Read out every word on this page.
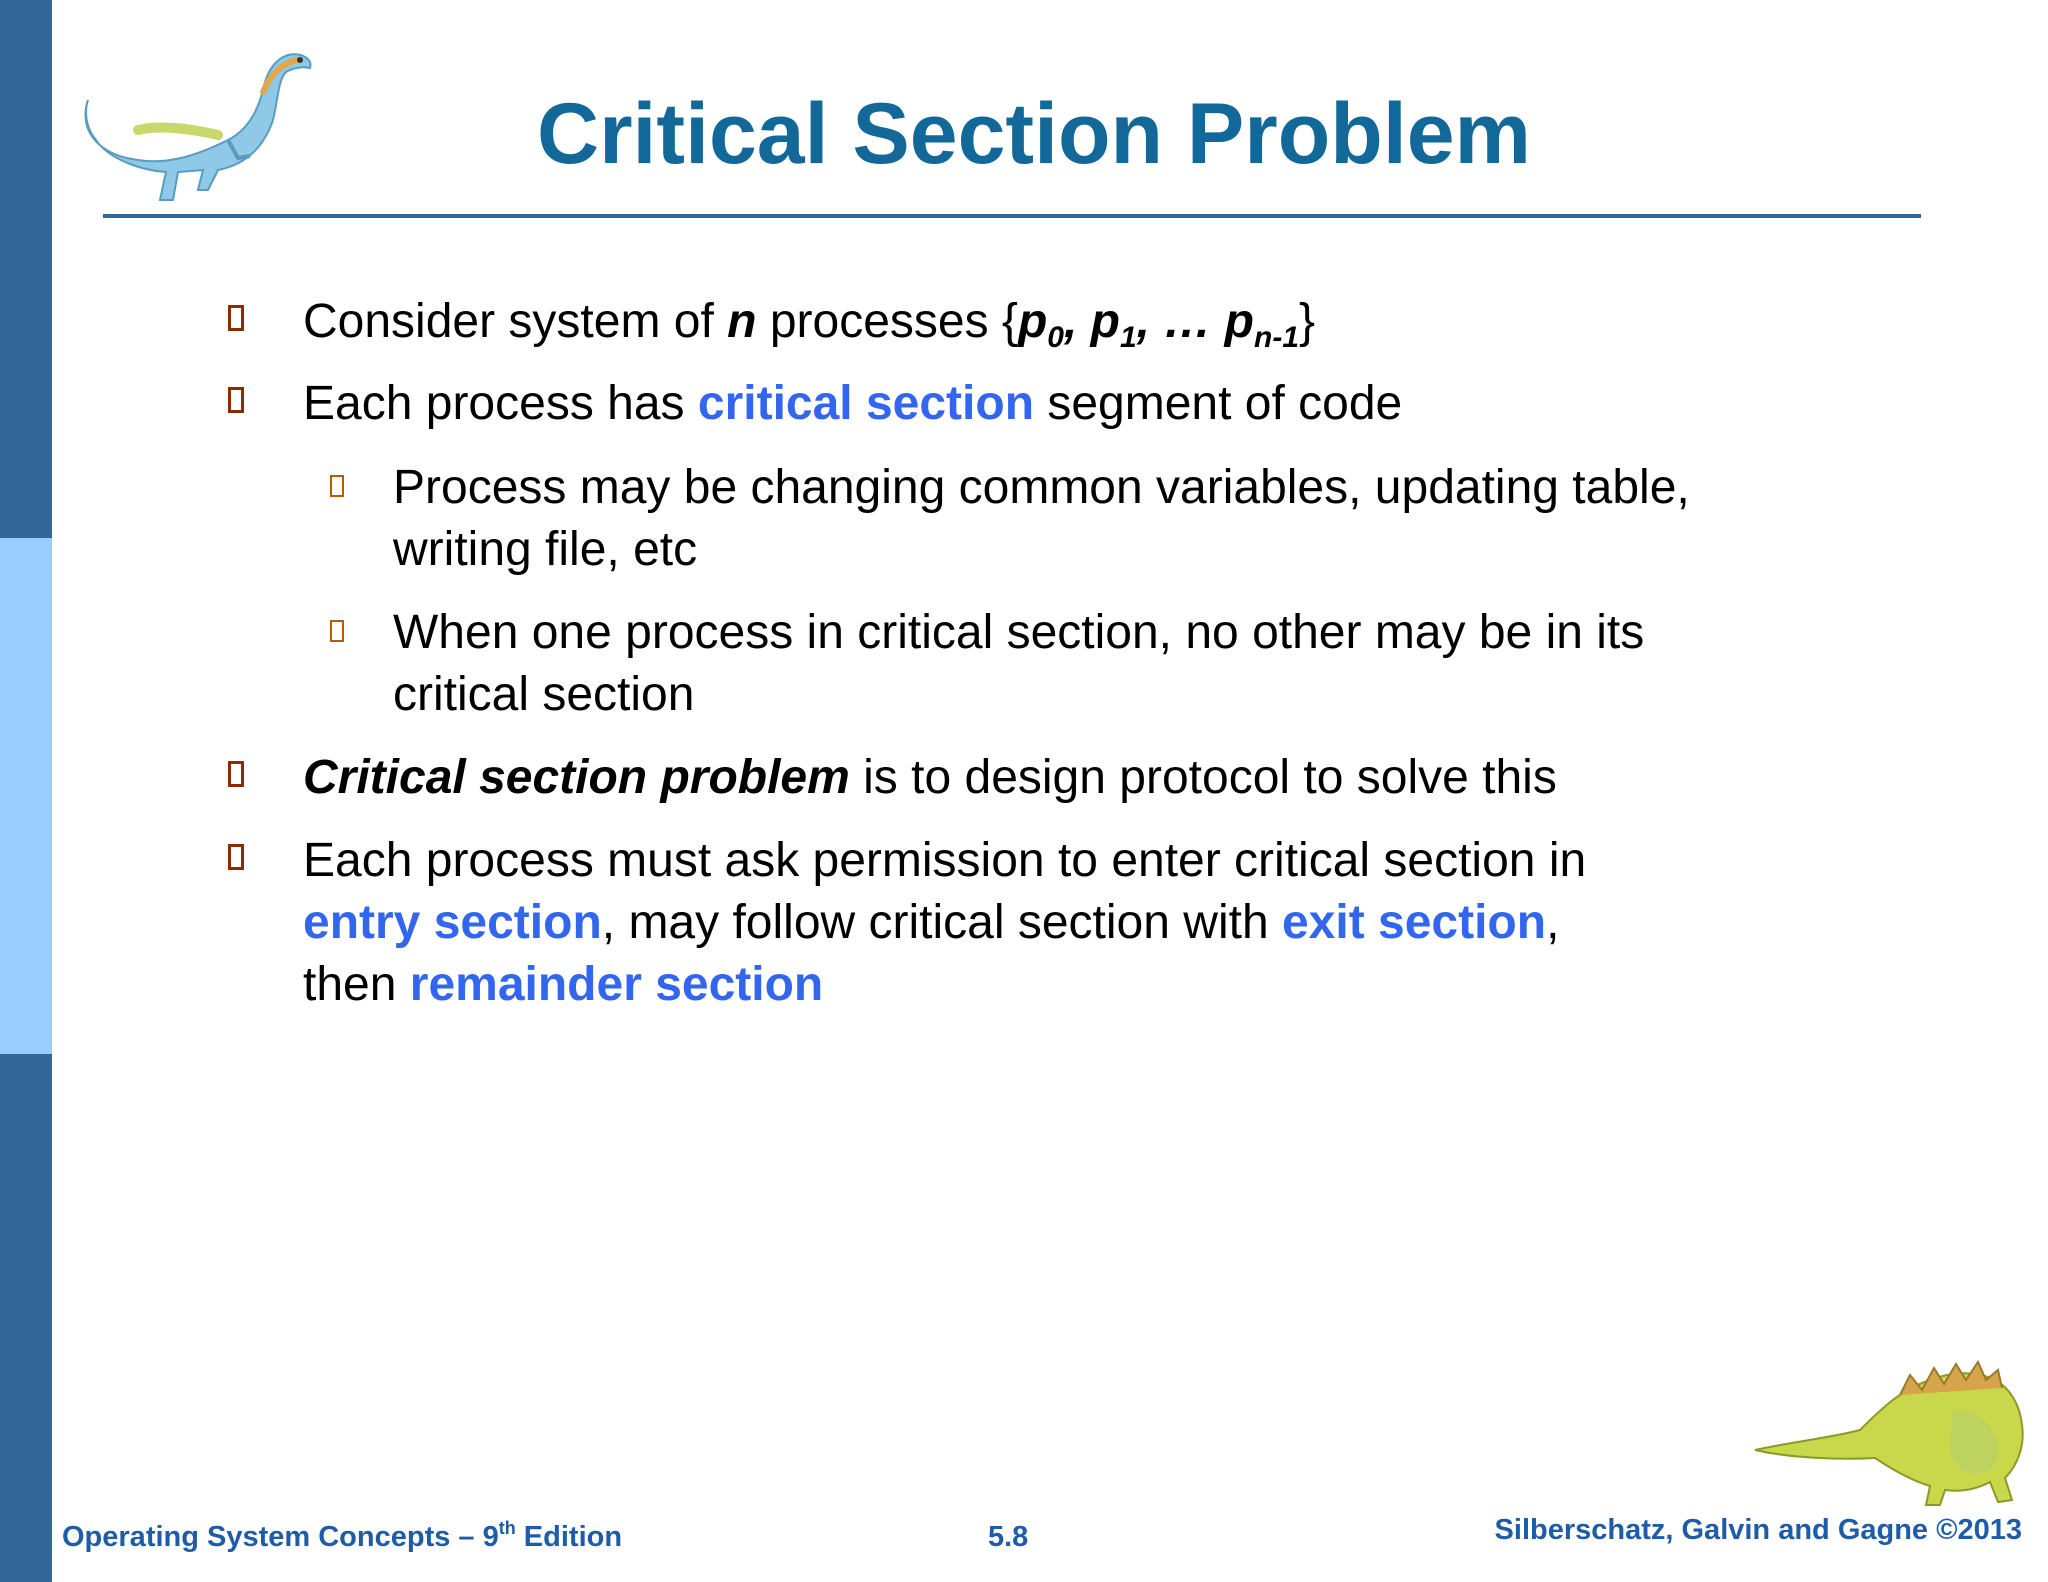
Critical Section Problem
Consider system of n processes {$p_0$, $p_1$, … $p_{n-1}$}
Each process has critical section segment of code
Process may be changing common variables, updating table, writing file, etc
When one process in critical section, no other may be in its critical section
Critical section problem is to design protocol to solve this
Each process must ask permission to enter critical section in entry section, may follow critical section with exit section,
then remainder section
Operating System Concepts – 9th Edition	5.8	Silberschatz, Galvin and Gagne ©2013
